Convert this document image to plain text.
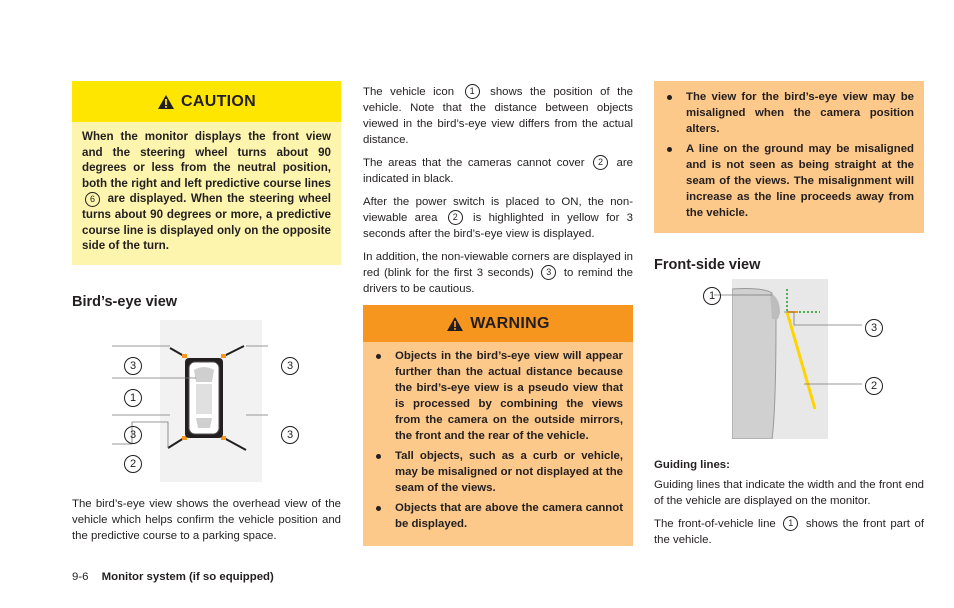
CAUTION
When the monitor displays the front view and the steering wheel turns about 90 degrees or less from the neutral position, both the right and left predictive course lines 6 are displayed. When the steering wheel turns about 90 degrees or more, a predictive course line is displayed only on the opposite side of the turn.
Bird’s-eye view
3	3
1
3	3
2

The bird’s-eye view shows the overhead view of the vehicle which helps confirm the vehicle position and the predictive course to a parking space.

The vehicle icon 1 shows the position of the vehicle. Note that the distance between objects viewed in the bird’s-eye view differs from the actual distance.

The areas that the cameras cannot cover 2 are indicated in black.

After the power switch is placed to ON, the non-viewable area 2 is highlighted in yellow for 3 seconds after the bird’s-eye view is displayed.

In addition, the non-viewable corners are displayed in red (blink for the first 3 seconds) 3 to remind the drivers to be cautious.

WARNING
Objects in the bird’s-eye view will appear further than the actual distance because the bird’s-eye view is a pseudo view that is processed by combining the views from the camera on the outside mirrors, the front and the rear of the vehicle.
Tall objects, such as a curb or vehicle, may be misaligned or not displayed at the seam of the views.
Objects that are above the camera cannot be displayed.
The view for the bird’s-eye view may be misaligned when the camera position alters.
A line on the ground may be misaligned and is not seen as being straight at the seam of the views. The misalignment will increase as the line proceeds away from the vehicle.
Front-side view
1
3
2

Guiding lines:

Guiding lines that indicate the width and the front end of the vehicle are displayed on the monitor.

The front-of-vehicle line 1 shows the front part of the vehicle.

9-6 Monitor system (if so equipped)
